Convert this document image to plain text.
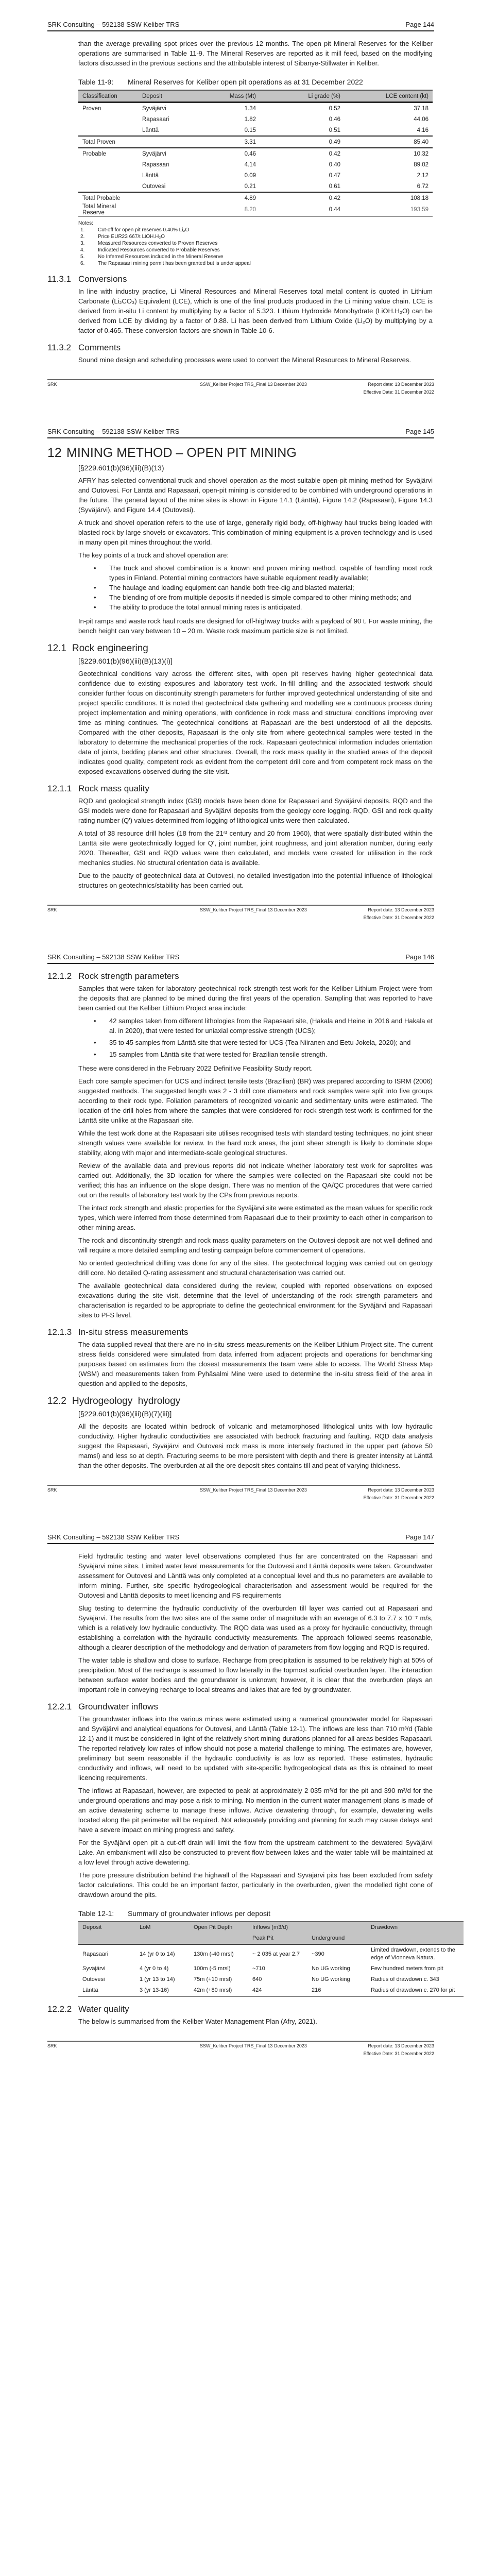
SRK Consulting – 592138 SSW Keliber TRS	Page 144

than the average prevailing spot prices over the previous 12 months. The open pit Mineral Reserves for the Keliber operations are summarised in Table 11-9. The Mineral Reserves are reported as it mill feed, based on the modifying factors discussed in the previous sections and the attributable interest of Sibanye-Stillwater in Keliber.

Table 11-9: Mineral Reserves for Keliber open pit operations as at 31 December 2022
Classification	Deposit	Mass (Mt)	Li grade (%)	LCE content (kt)
Proven	Syväjärvi	1.34	0.52	37.18
	Rapasaari	1.82	0.46	44.06
	Länttä	0.15	0.51	4.16
Total Proven		3.31	0.49	85.40
Probable	Syväjärvi	0.46	0.42	10.32
	Rapasaari	4.14	0.40	89.02
	Länttä	0.09	0.47	2.12
	Outovesi	0.21	0.61	6.72
Total Probable		4.89	0.42	108.18
Total Mineral Reserve		8.20	0.44	193.59
Notes:
1.	Cut-off for open pit reserves 0.40% Li₂O
2.	Price EUR23 667/t LiOH.H₂O
3.	Measured Resources converted to Proven Reserves
4.	Indicated Resources converted to Probable Reserves
5.	No Inferred Resources included in the Mineral Reserve
6.	The Rapasaari mining permit has been granted but is under appeal
11.3.1 Conversions

In line with industry practice, Li Mineral Resources and Mineral Reserves total metal content is quoted in Lithium Carbonate (Li₂CO₃) Equivalent (LCE), which is one of the final products produced in the Li mining value chain. LCE is derived from in-situ Li content by multiplying by a factor of 5.323. Lithium Hydroxide Monohydrate (LiOH.H₂O) can be derived from LCE by dividing by a factor of 0.88. Li has been derived from Lithium Oxide (Li₂O) by multiplying by a factor of 0.465. These conversion factors are shown in Table 10-6.

11.3.2 Comments

Sound mine design and scheduling processes were used to convert the Mineral Resources to Mineral Reserves.

SRK	SSW_Keliber Project TRS_Final 13 December 2023	Report date: 13 December 2023
Effective Date: 31 December 2022
SRK Consulting – 592138 SSW Keliber TRS	Page 145
12 MINING METHOD – OPEN PIT MINING
[§229.601(b)(96)(iii)(B)(13)

AFRY has selected conventional truck and shovel operation as the most suitable open-pit mining method for Syväjärvi and Outovesi. For Länttä and Rapasaari, open-pit mining is considered to be combined with underground operations in the future. The general layout of the mine sites is shown in Figure 14.1 (Länttä), Figure 14.2 (Rapasaari), Figure 14.3 (Syväjärvi), and Figure 14.4 (Outovesi).

A truck and shovel operation refers to the use of large, generally rigid body, off-highway haul trucks being loaded with blasted rock by large shovels or excavators. This combination of mining equipment is a proven technology and is used in many open pit mines throughout the world.

The key points of a truck and shovel operation are:

• The truck and shovel combination is a known and proven mining method, capable of handling most rock types in Finland. Potential mining contractors have suitable equipment readily available;
• The haulage and loading equipment can handle both free-dig and blasted material;
• The blending of ore from multiple deposits if needed is simple compared to other mining methods; and
• The ability to produce the total annual mining rates is anticipated.

In-pit ramps and waste rock haul roads are designed for off-highway trucks with a payload of 90 t. For waste mining, the bench height can vary between 10 – 20 m. Waste rock maximum particle size is not limited.

12.1 Rock engineering
[§229.601(b)(96)(iii)(B)(13)(i)]

Geotechnical conditions vary across the different sites, with open pit reserves having higher geotechnical data confidence due to existing exposures and laboratory test work. In-fill drilling and the associated testwork should consider further focus on discontinuity strength parameters for further improved geotechnical understanding of site and project specific conditions. It is noted that geotechnical data gathering and modelling are a continuous process during project implementation and mining operations, with confidence in rock mass and structural conditions improving over time as mining continues. The geotechnical conditions at Rapasaari are the best understood of all the deposits. Compared with the other deposits, Rapasaari is the only site from where geotechnical samples were tested in the laboratory to determine the mechanical properties of the rock. Rapasaari geotechnical information includes orientation data of joints, bedding planes and other structures. Overall, the rock mass quality in the studied areas of the deposit indicates good quality, competent rock as evident from the competent drill core and from competent rock mass on the exposed excavations observed during the site visit.

12.1.1 Rock mass quality

RQD and geological strength index (GSI) models have been done for Rapasaari and Syväjärvi deposits. RQD and the GSI models were done for Rapasaari and Syväjärvi deposits from the geology core logging. RQD, GSI and rock quality rating number (Q') values determined from logging of lithological units were then calculated.

A total of 38 resource drill holes (18 from the 21ˢᵗ century and 20 from 1960), that were spatially distributed within the Länttä site were geotechnically logged for Q', joint number, joint roughness, and joint alteration number, during early 2020. Thereafter, GSI and RQD values were then calculated, and models were created for utilisation in the rock mechanics studies. No structural orientation data is available.

Due to the paucity of geotechnical data at Outovesi, no detailed investigation into the potential influence of lithological structures on geotechnics/stability has been carried out.

SRK	SSW_Keliber Project TRS_Final 13 December 2023	Report date: 13 December 2023
Effective Date: 31 December 2022
SRK Consulting – 592138 SSW Keliber TRS	Page 146
12.1.2 Rock strength parameters

Samples that were taken for laboratory geotechnical rock strength test work for the Keliber Lithium Project were from the deposits that are planned to be mined during the first years of the operation. Sampling that was reported to have been carried out the Keliber Lithium Project area include:

• 42 samples taken from different lithologies from the Rapasaari site, (Hakala and Heine in 2016 and Hakala et al. in 2020), that were tested for uniaxial compressive strength (UCS);
• 35 to 45 samples from Länttä site that were tested for UCS (Tea Niiranen and Eetu Jokela, 2020); and
• 15 samples from Länttä site that were tested for Brazilian tensile strength.

These were considered in the February 2022 Definitive Feasibility Study report.

Each core sample specimen for UCS and indirect tensile tests (Brazilian) (BR) was prepared according to ISRM (2006) suggested methods. The suggested length was 2 - 3 drill core diameters and rock samples were split into five groups according to their rock type. Foliation parameters of recognized volcanic and sedimentary units were estimated. The location of the drill holes from where the samples that were considered for rock strength test work is confirmed for the Länttä site unlike at the Rapasaari site.

While the test work done at the Rapasaari site utilises recognised tests with standard testing techniques, no joint shear strength values were available for review. In the hard rock areas, the joint shear strength is likely to dominate slope stability, along with major and intermediate-scale geological structures.

Review of the available data and previous reports did not indicate whether laboratory test work for saprolites was carried out. Additionally, the 3D location for where the samples were collected on the Rapasaari site could not be verified; this has an influence on the slope design. There was no mention of the QA/QC procedures that were carried out on the results of laboratory test work by the CPs from previous reports.

The intact rock strength and elastic properties for the Syväjärvi site were estimated as the mean values for specific rock types, which were inferred from those determined from Rapasaari due to their proximity to each other in comparison to other mining areas.

The rock and discontinuity strength and rock mass quality parameters on the Outovesi deposit are not well defined and will require a more detailed sampling and testing campaign before commencement of operations.

No oriented geotechnical drilling was done for any of the sites. The geotechnical logging was carried out on geology drill core. No detailed Q-rating assessment and structural characterisation was carried out.

The available geotechnical data considered during the review, coupled with reported observations on exposed excavations during the site visit, determine that the level of understanding of the rock strength parameters and characterisation is regarded to be appropriate to define the geotechnical environment for the Syväjärvi and Rapasaari sites to PFS level.

12.1.3 In-situ stress measurements

The data supplied reveal that there are no in-situ stress measurements on the Keliber Lithium Project site. The current stress fields considered were simulated from data inferred from adjacent projects and operations for benchmarking purposes based on estimates from the closest measurements the team were able to access. The World Stress Map (WSM) and measurements taken from Pyhäsalmi Mine were used to determine the in-situ stress field of the area in question and applied to the deposits,

12.2 Hydrogeology  hydrology
[§229.601(b)(96)(iii)(B)(7)(iii)]

All the deposits are located within bedrock of volcanic and metamorphosed lithological units with low hydraulic conductivity. Higher hydraulic conductivities are associated with bedrock fracturing and faulting. RQD data analysis suggest the Rapasaari, Syväjärvi and Outovesi rock mass is more intensely fractured in the upper part (above 50 mamsl) and less so at depth. Fracturing seems to be more persistent with depth and there is greater intensity at Länttä than the other deposits. The overburden at all the ore deposit sites contains till and peat of varying thickness.

SRK	SSW_Keliber Project TRS_Final 13 December 2023	Report date: 13 December 2023
Effective Date: 31 December 2022
SRK Consulting – 592138 SSW Keliber TRS	Page 147

Field hydraulic testing and water level observations completed thus far are concentrated on the Rapasaari and Syväjärvi mine sites. Limited water level measurements for the Outovesi and Länttä deposits were taken. Groundwater assessment for Outovesi and Länttä was only completed at a conceptual level and thus no parameters are available to inform mining. Further, site specific hydrogeological characterisation and assessment would be required for the Outovesi and Länttä deposits to meet licencing and FS requirements

Slug testing to determine the hydraulic conductivity of the overburden till layer was carried out at Rapasaari and Syväjärvi. The results from the two sites are of the same order of magnitude with an average of 6.3 to 7.7 x 10⁻⁷ m/s, which is a relatively low hydraulic conductivity. The RQD data was used as a proxy for hydraulic conductivity, through establishing a correlation with the hydraulic conductivity measurements. The approach followed seems reasonable, although a clearer description of the methodology and derivation of parameters from flow logging and RQD is required.

The water table is shallow and close to surface. Recharge from precipitation is assumed to be relatively high at 50% of precipitation. Most of the recharge is assumed to flow laterally in the topmost surficial overburden layer. The interaction between surface water bodies and the groundwater is unknown; however, it is clear that the overburden plays an important role in conveying recharge to local streams and lakes that are fed by groundwater.

12.2.1 Groundwater inflows

The groundwater inflows into the various mines were estimated using a numerical groundwater model for Rapasaari and Syväjärvi and analytical equations for Outovesi, and Länttä (Table 12-1). The inflows are less than 710 m³/d (Table 12-1) and it must be considered in light of the relatively short mining durations planned for all areas besides Rapasaari. The reported relatively low rates of inflow should not pose a material challenge to mining. The estimates are, however, preliminary but seem reasonable if the hydraulic conductivity is as low as reported. These estimates, hydraulic conductivity and inflows, will need to be updated with site-specific hydrogeological data as this is obtained to meet licencing requirements.

The inflows at Rapasaari, however, are expected to peak at approximately 2 035 m³/d for the pit and 390 m³/d for the underground operations and may pose a risk to mining. No mention in the current water management plans is made of an active dewatering scheme to manage these inflows. Active dewatering through, for example, dewatering wells located along the pit perimeter will be required. Not adequately providing and planning for such may cause delays and have a severe impact on mining progress and safety.

For the Syväjärvi open pit a cut-off drain will limit the flow from the upstream catchment to the dewatered Syväjärvi Lake. An embankment will also be constructed to prevent flow between lakes and the water table will be maintained at a low level through active dewatering.

The pore pressure distribution behind the highwall of the Rapasaari and Syväjärvi pits has been excluded from safety factor calculations. This could be an important factor, particularly in the overburden, given the modelled tight cone of drawdown around the pits.

Table 12-1: Summary of groundwater inflows per deposit
Deposit	LoM	Open Pit Depth	Inflows (m3/d)		Drawdown
			Peak Pit	Underground	
Rapasaari	14 (yr 0 to 14)	130m (-40 mrsl)	~ 2 035 at year 2.7	~390	Limited drawdown, extends to the edge of Vionneva Natura.
Syväjärvi	4 (yr 0 to 4)	100m (-5 mrsl)	~710	No UG working	Few hundred meters from pit
Outovesi	1 (yr 13 to 14)	75m (+10 mrsl)	640	No UG working	Radius of drawdown c. 343
Länttä	3 (yr 13-16)	42m (+80 mrsl)	424	216	Radius of drawdown c. 270 for pit
12.2.2 Water quality

The below is summarised from the Keliber Water Management Plan (Afry, 2021).

SRK	SSW_Keliber Project TRS_Final 13 December 2023	Report date: 13 December 2023
Effective Date: 31 December 2022
